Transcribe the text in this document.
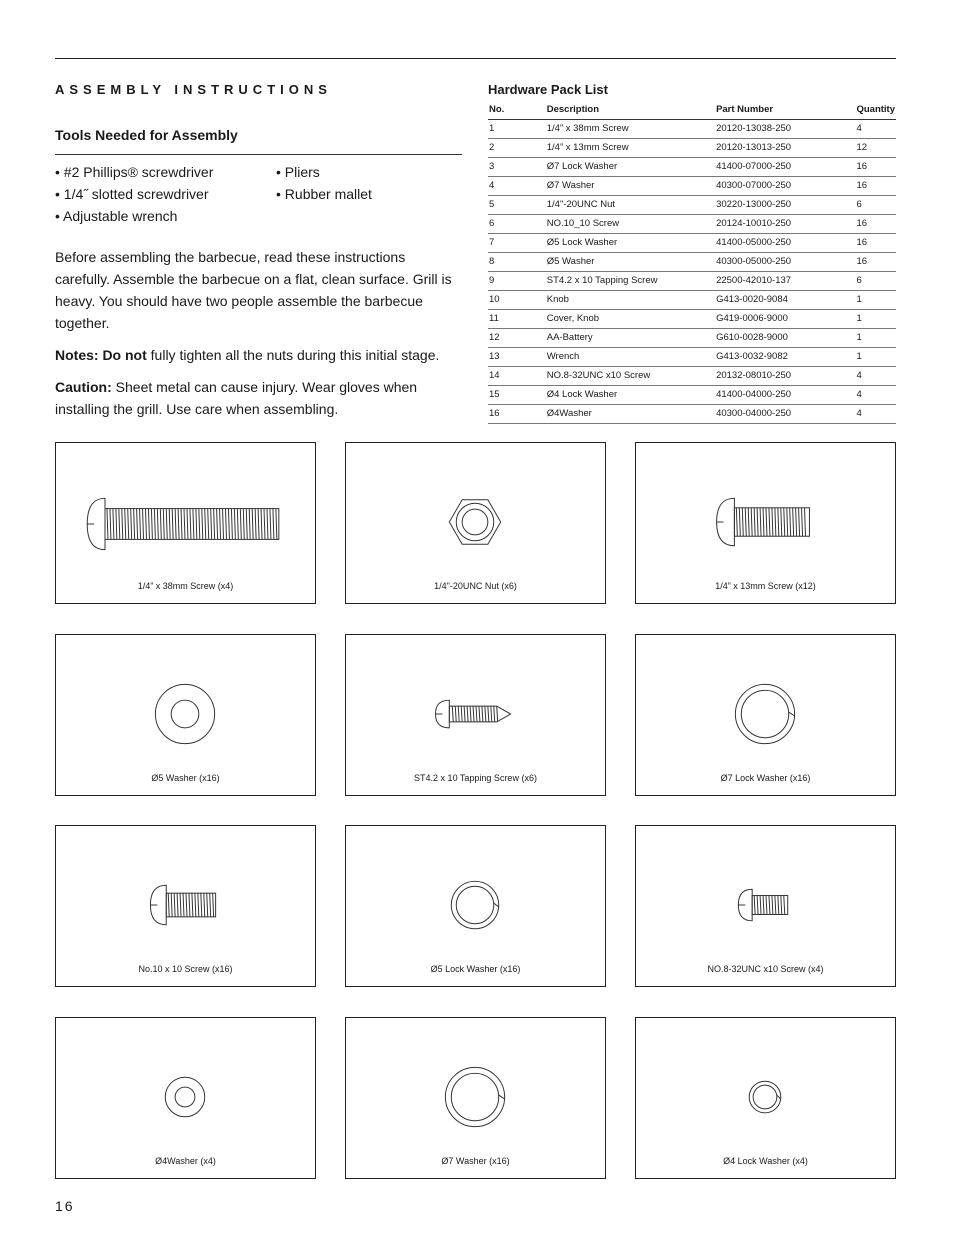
ASSEMBLY INSTRUCTIONS
Tools Needed for Assembly
• #2 Phillips® screwdriver	• Pliers
• 1/4˝ slotted screwdriver	• Rubber mallet
• Adjustable wrench

Before assembling the barbecue, read these instructions carefully. Assemble the barbecue on a flat, clean surface. Grill is heavy. You should have two people assemble the barbecue together.

Notes: Do not fully tighten all the nuts during this initial stage.

Caution: Sheet metal can cause injury. Wear gloves when installing the grill. Use care when assembling.

Hardware Pack List
No.	Description	Part Number	Quantity
1	1/4” x 38mm Screw	20120-13038-250	4
2	1/4” x 13mm Screw	20120-13013-250	12
3	Ø7 Lock Washer	41400-07000-250	16
4	Ø7 Washer	40300-07000-250	16
5	1/4"-20UNC Nut	30220-13000-250	6
6	NO.10_10 Screw	20124-10010-250	16
7	Ø5 Lock Washer	41400-05000-250	16
8	Ø5 Washer	40300-05000-250	16
9	ST4.2 x 10 Tapping Screw	22500-42010-137	6
10	Knob	G413-0020-9084	1
11	Cover, Knob	G419-0006-9000	1
12	AA-Battery	G610-0028-9000	1
13	Wrench	G413-0032-9082	1
14	NO.8-32UNC x10 Screw	20132-08010-250	4
15	Ø4 Lock Washer	41400-04000-250	4
16	Ø4Washer	40300-04000-250	4
1/4” x 38mm Screw (x4)	1/4"-20UNC Nut (x6)	1/4” x 13mm Screw (x12)
Ø5 Washer (x16)	ST4.2 x 10 Tapping Screw (x6)	Ø7 Lock Washer (x16)
No.10 x 10 Screw (x16)	Ø5 Lock Washer (x16)	NO.8-32UNC x10 Screw (x4)
Ø4Washer (x4)	Ø7 Washer (x16)	Ø4 Lock Washer (x4)
16
